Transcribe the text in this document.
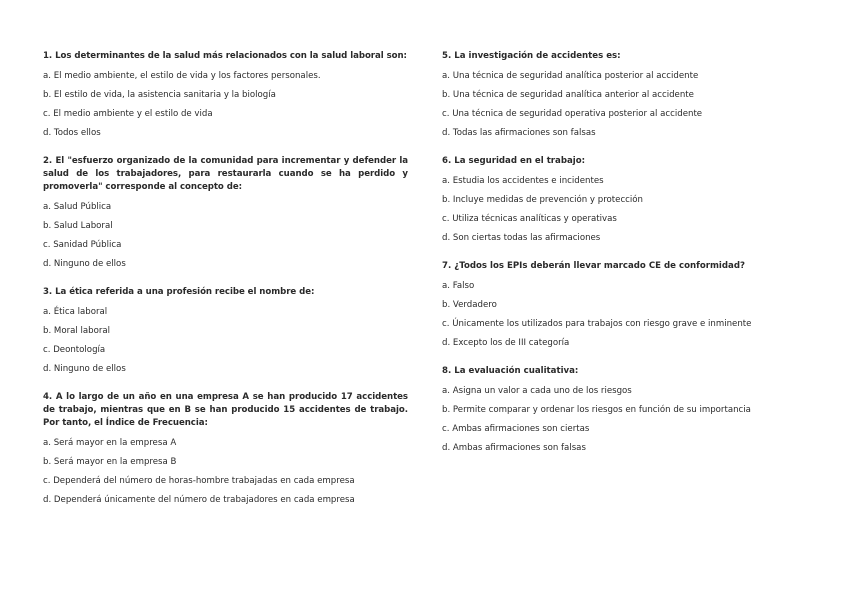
1. Los determinantes de la salud más relacionados con la salud laboral son:
a. El medio ambiente, el estilo de vida y los factores personales.
b. El estilo de vida, la asistencia sanitaria y la biología
c. El medio ambiente y el estilo de vida
d. Todos ellos
2. El "esfuerzo organizado de la comunidad para incrementar y defender la salud de los trabajadores, para restaurarla cuando se ha perdido y promoverla" corresponde al concepto de:
a. Salud Pública
b. Salud Laboral
c. Sanidad Pública
d. Ninguno de ellos
3. La ética referida a una profesión recibe el nombre de:
a. Ética laboral
b. Moral laboral
c. Deontología
d. Ninguno de ellos
4. A lo largo de un año en una empresa A se han producido 17 accidentes de trabajo, mientras que en B se han producido 15 accidentes de trabajo. Por tanto, el Índice de Frecuencia:
a. Será mayor en la empresa A
b. Será mayor en la empresa B
c. Dependerá del número de horas-hombre trabajadas en cada empresa
d. Dependerá únicamente del número de trabajadores en cada empresa
5. La investigación de accidentes es:
a. Una técnica de seguridad analítica posterior al accidente
b. Una técnica de seguridad analítica anterior al accidente
c. Una técnica de seguridad operativa posterior al accidente
d. Todas las afirmaciones son falsas
6. La seguridad en el trabajo:
a. Estudia los accidentes e incidentes
b. Incluye medidas de prevención y protección
c. Utiliza técnicas analíticas y operativas
d. Son ciertas todas las afirmaciones
7. ¿Todos los EPIs deberán llevar marcado CE de conformidad?
a. Falso
b. Verdadero
c. Únicamente los utilizados para trabajos con riesgo grave e inminente
d. Excepto los de III categoría
8. La evaluación cualitativa:
a. Asigna un valor a cada uno de los riesgos
b. Permite comparar y ordenar los riesgos en función de su importancia
c. Ambas afirmaciones son ciertas
d. Ambas afirmaciones son falsas
